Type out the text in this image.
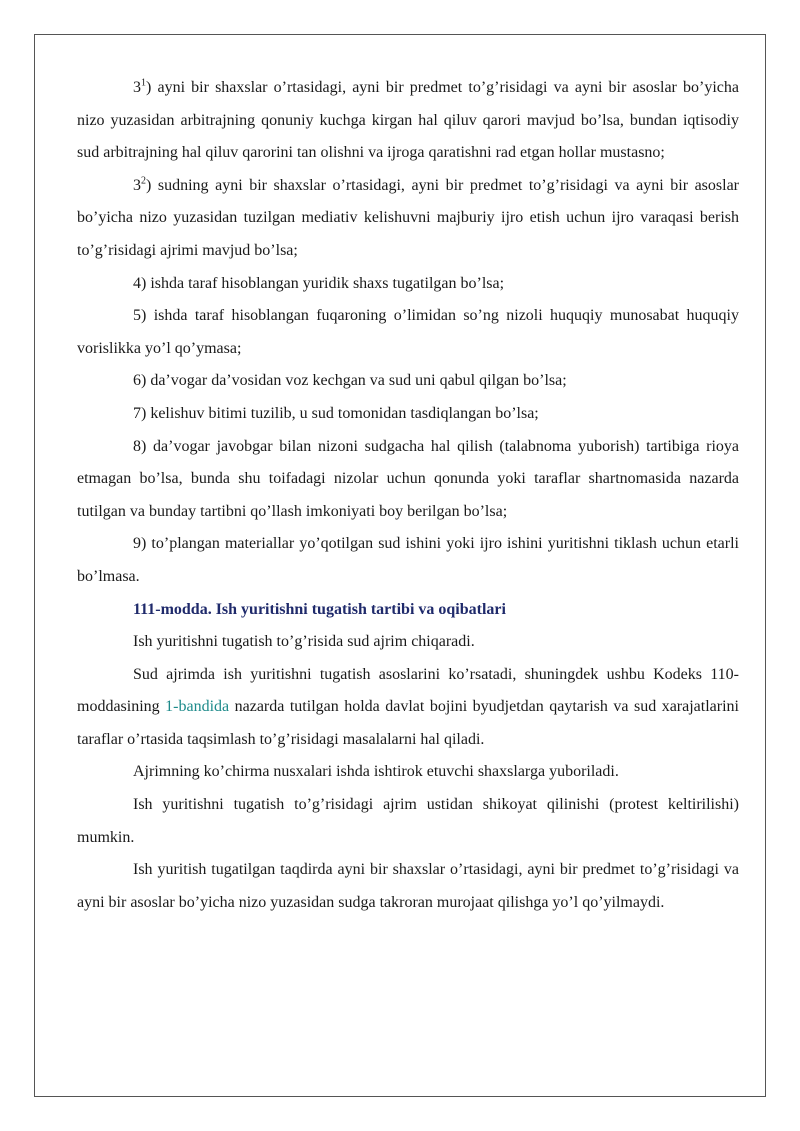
$3^1$) ayni bir shaxslar o’rtasidagi, ayni bir predmet to’g’risidagi va ayni bir asoslar bo’yicha nizo yuzasidan arbitrajning qonuniy kuchga kirgan hal qiluv qarori mavjud bo’lsa, bundan iqtisodiy sud arbitrajning hal qiluv qarorini tan olishni va ijroga qaratishni rad etgan hollar mustasno;

$3^2$) sudning ayni bir shaxslar o’rtasidagi, ayni bir predmet to’g’risidagi va ayni bir asoslar bo’yicha nizo yuzasidan tuzilgan mediativ kelishuvni majburiy ijro etish uchun ijro varaqasi berish to’g’risidagi ajrimi mavjud bo’lsa;

4) ishda taraf hisoblangan yuridik shaxs tugatilgan bo’lsa;

5) ishda taraf hisoblangan fuqaroning o’limidan so’ng nizoli huquqiy munosabat huquqiy vorislikka yo’l qo’ymasa;

6) da’vogar da’vosidan voz kechgan va sud uni qabul qilgan bo’lsa;

7) kelishuv bitimi tuzilib, u sud tomonidan tasdiqlangan bo’lsa;

8) da’vogar javobgar bilan nizoni sudgacha hal qilish (talabnoma yuborish) tartibiga rioya etmagan bo’lsa, bunda shu toifadagi nizolar uchun qonunda yoki taraflar shartnomasida nazarda tutilgan va bunday tartibni qo’llash imkoniyati boy berilgan bo’lsa;

9) to’plangan materiallar yo’qotilgan sud ishini yoki ijro ishini yuritishni tiklash uchun etarli bo’lmasa.

111-modda. Ish yuritishni tugatish tartibi va oqibatlari

Ish yuritishni tugatish to’g’risida sud ajrim chiqaradi.

Sud ajrimda ish yuritishni tugatish asoslarini ko’rsatadi, shuningdek ushbu Kodeks 110-moddasining 1-bandida nazarda tutilgan holda davlat bojini byudjetdan qaytarish va sud xarajatlarini taraflar o’rtasida taqsimlash to’g’risidagi masalalarni hal qiladi.

Ajrimning ko’chirma nusxalari ishda ishtirok etuvchi shaxslarga yuboriladi.

Ish yuritishni tugatish to’g’risidagi ajrim ustidan shikoyat qilinishi (protest keltirilishi) mumkin.

Ish yuritish tugatilgan taqdirda ayni bir shaxslar o’rtasidagi, ayni bir predmet to’g’risidagi va ayni bir asoslar bo’yicha nizo yuzasidan sudga takroran murojaat qilishga yo’l qo’yilmaydi.
